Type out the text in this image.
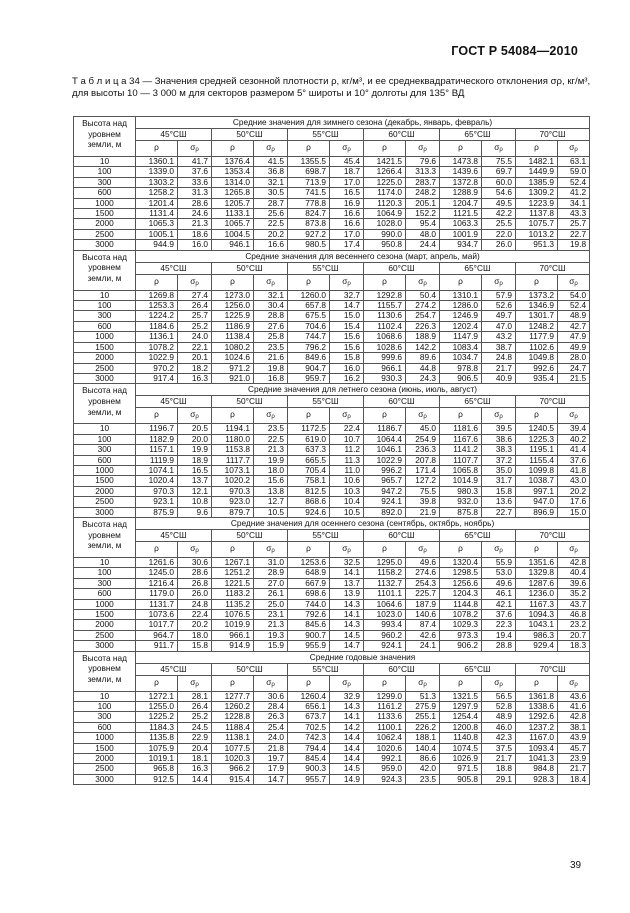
ГОСТ Р 54084—2010

Т а б л и ц а 34 — Значения средней сезонной плотности ρ, кг/м³, и ее среднеквадратического отклонения σρ, кг/м³, для высоты 10 — 3 000 м для секторов размером 5° широты и 10° долготы для 135° ВД

Высота над уровнем земли, м	Средние значения для зимнего сезона (декабрь, январь, февраль)											
	45°СШ		50°СШ		55°СШ		60°СШ		65°СШ		70°СШ	
	ρ	$\sigma_\rho$	ρ	$\sigma_\rho$	ρ	$\sigma_\rho$	ρ	$\sigma_\rho$	ρ	$\sigma_\rho$	ρ	$\sigma_\rho$
10	1360.1	41.7	1376.4	41.5	1355.5	45.4	1421.5	79.6	1473.8	75.5	1482.1	63.1
100	1339.0	37.6	1353.4	36.8	698.7	18.7	1266.4	313.3	1439.6	69.7	1449.9	59.0
300	1303.2	33.6	1314.0	32.1	713.9	17.0	1225.0	283.7	1372.8	60.0	1385.9	52.4
600	1258.2	31.3	1265.8	30.5	741.5	16.5	1174.0	248.2	1288.9	54.6	1309.2	41.2
1000	1201.4	28.6	1205.7	28.7	778.8	16.9	1120.3	205.1	1204.7	49.5	1223.9	34.1
1500	1131.4	24.6	1133.1	25.6	824.7	16.6	1064.9	152.2	1121.5	42.2	1137.8	43.3
2000	1065.3	21.3	1065.7	22.5	873.8	16.6	1028.0	95.4	1063.3	25.5	1075.7	25.7
2500	1005.1	18.6	1004.5	20.2	927.2	17.0	990.0	48.0	1001.9	22.0	1013.2	22.7
3000	944.9	16.0	946.1	16.6	980.5	17.4	950.8	24.4	934.7	26.0	951.3	19.8
Высота над уровнем земли, м	Средние значения для весеннего сезона (март, апрель, май)											
	45°СШ		50°СШ		55°СШ		60°СШ		65°СШ		70°СШ	
	ρ	$\sigma_\rho$	ρ	$\sigma_\rho$	ρ	$\sigma_\rho$	ρ	$\sigma_\rho$	ρ	$\sigma_\rho$	ρ	$\sigma_\rho$
10	1269.8	27.4	1273.0	32.1	1260.0	32.7	1292.8	50.4	1310.1	57.9	1373.2	54.0
100	1253.3	26.4	1256.0	30.4	657.8	14.7	1155.7	274.2	1286.0	52.6	1346.9	52.4
300	1224.2	25.7	1225.9	28.8	675.5	15.0	1130.6	254.7	1246.9	49.7	1301.7	48.9
600	1184.6	25.2	1186.9	27.6	704.6	15.4	1102.4	226.3	1202.4	47.0	1248.2	42.7
1000	1136.1	24.0	1138.4	25.8	744.7	15.6	1068.6	188.9	1147.9	43.2	1177.9	47.9
1500	1078.2	22.1	1080.2	23.5	796.2	15.6	1028.6	142.2	1083.4	38.7	1102.6	49.9
2000	1022.9	20.1	1024.6	21.6	849.6	15.8	999.6	89.6	1034.7	24.8	1049.8	28.0
2500	970.2	18.2	971.2	19.8	904.7	16.0	966.1	44.8	978.8	21.7	992.6	24.7
3000	917.4	16.3	921.0	16.8	959.7	16.2	930.3	24.3	906.5	40.9	935.4	21.5
Высота над уровнем земли, м	Средние значения для летнего сезона (июнь, июль, август)											
	45°СШ		50°СШ		55°СШ		60°СШ		65°СШ		70°СШ	
	ρ	$\sigma_\rho$	ρ	$\sigma_\rho$	ρ	$\sigma_\rho$	ρ	$\sigma_\rho$	ρ	$\sigma_\rho$	ρ	$\sigma_\rho$
10	1196.7	20.5	1194.1	23.5	1172.5	22.4	1186.7	45.0	1181.6	39.5	1240.5	39.4
100	1182.9	20.0	1180.0	22.5	619.0	10.7	1064.4	254.9	1167.6	38.6	1225.3	40.2
300	1157.1	19.9	1153.8	21.3	637.3	11.2	1046.1	236.3	1141.2	38.3	1195.1	41.4
600	1119.9	18.9	1117.7	19.9	665.5	11.3	1022.9	207.8	1107.7	37.2	1155.4	37.6
1000	1074.1	16.5	1073.1	18.0	705.4	11.0	996.2	171.4	1065.8	35.0	1099.8	41.8
1500	1020.4	13.7	1020.2	15.6	758.1	10.6	965.7	127.2	1014.9	31.7	1038.7	43.0
2000	970.3	12.1	970.3	13.8	812.5	10.3	947.2	75.5	980.3	15.8	997.1	20.2
2500	923.1	10.8	923.0	12.7	868.6	10.4	924.1	39.8	932.0	13.6	947.0	17.6
3000	875.9	9.6	879.7	10.5	924.6	10.5	892.0	21.9	875.8	22.7	896.9	15.0
Высота над уровнем земли, м	Средние значения для осеннего сезона (сентябрь, октябрь, ноябрь)											
	45°СШ		50°СШ		55°СШ		60°СШ		65°СШ		70°СШ	
	ρ	$\sigma_\rho$	ρ	$\sigma_\rho$	ρ	$\sigma_\rho$	ρ	$\sigma_\rho$	ρ	$\sigma_\rho$	ρ	$\sigma_\rho$
10	1261.6	30.6	1267.1	31.0	1253.6	32.5	1295.0	49.6	1320.4	55.9	1351.6	42.8
100	1245.0	28.6	1251.2	28.9	648.9	14.1	1158.2	274.6	1298.5	53.0	1329.8	40.4
300	1216.4	26.8	1221.5	27.0	667.9	13.7	1132.7	254.3	1256.6	49.6	1287.6	39.6
600	1179.0	26.0	1183.2	26.1	698.6	13.9	1101.1	225.7	1204.3	46.1	1236.0	35.2
1000	1131.7	24.8	1135.2	25.0	744.0	14.3	1064.6	187.9	1144.8	42.1	1167.3	43.7
1500	1073.6	22.4	1076.5	23.1	792.6	14.1	1023.0	140.6	1078.2	37.6	1094.3	46.8
2000	1017.7	20.2	1019.9	21.3	845.6	14.3	993.4	87.4	1029.3	22.3	1043.1	23.2
2500	964.7	18.0	966.1	19.3	900.7	14.5	960.2	42.6	973.3	19.4	986.3	20.7
3000	911.7	15.8	914.9	15.9	955.9	14.7	924.1	24.1	906.2	28.8	929.4	18.3
Высота над уровнем земли, м	Средние годовые значения											
	45°СШ		50°СШ		55°СШ		60°СШ		65°СШ		70°СШ	
	ρ	$\sigma_\rho$	ρ	$\sigma_\rho$	ρ	$\sigma_\rho$	ρ	$\sigma_\rho$	ρ	$\sigma_\rho$	ρ	$\sigma_\rho$
10	1272.1	28.1	1277.7	30.6	1260.4	32.9	1299.0	51.3	1321.5	56.5	1361.8	43.6
100	1255.0	26.4	1260.2	28.4	656.1	14.3	1161.2	275.9	1297.9	52.8	1338.6	41.6
300	1225.2	25.2	1228.8	26.3	673.7	14.1	1133.6	255.1	1254.4	48.9	1292.6	42.8
600	1184.3	24.5	1188.4	25.4	702.5	14.2	1100.1	226.2	1200.8	46.0	1237.2	38.1
1000	1135.8	22.9	1138.1	24.0	742.3	14.4	1062.4	188.1	1140.8	42.3	1167.0	43.9
1500	1075.9	20.4	1077.5	21.8	794.4	14.4	1020.6	140.4	1074.5	37.5	1093.4	45.7
2000	1019.1	18.1	1020.3	19.7	845.4	14.4	992.1	86.6	1026.9	21.7	1041.3	23.9
2500	965.8	16.3	966.2	17.9	900.3	14.5	959.0	42.0	971.5	18.8	984.8	21.7
3000	912.5	14.4	915.4	14.7	955.7	14.9	924.3	23.5	905.8	29.1	928.3	18.4
39
